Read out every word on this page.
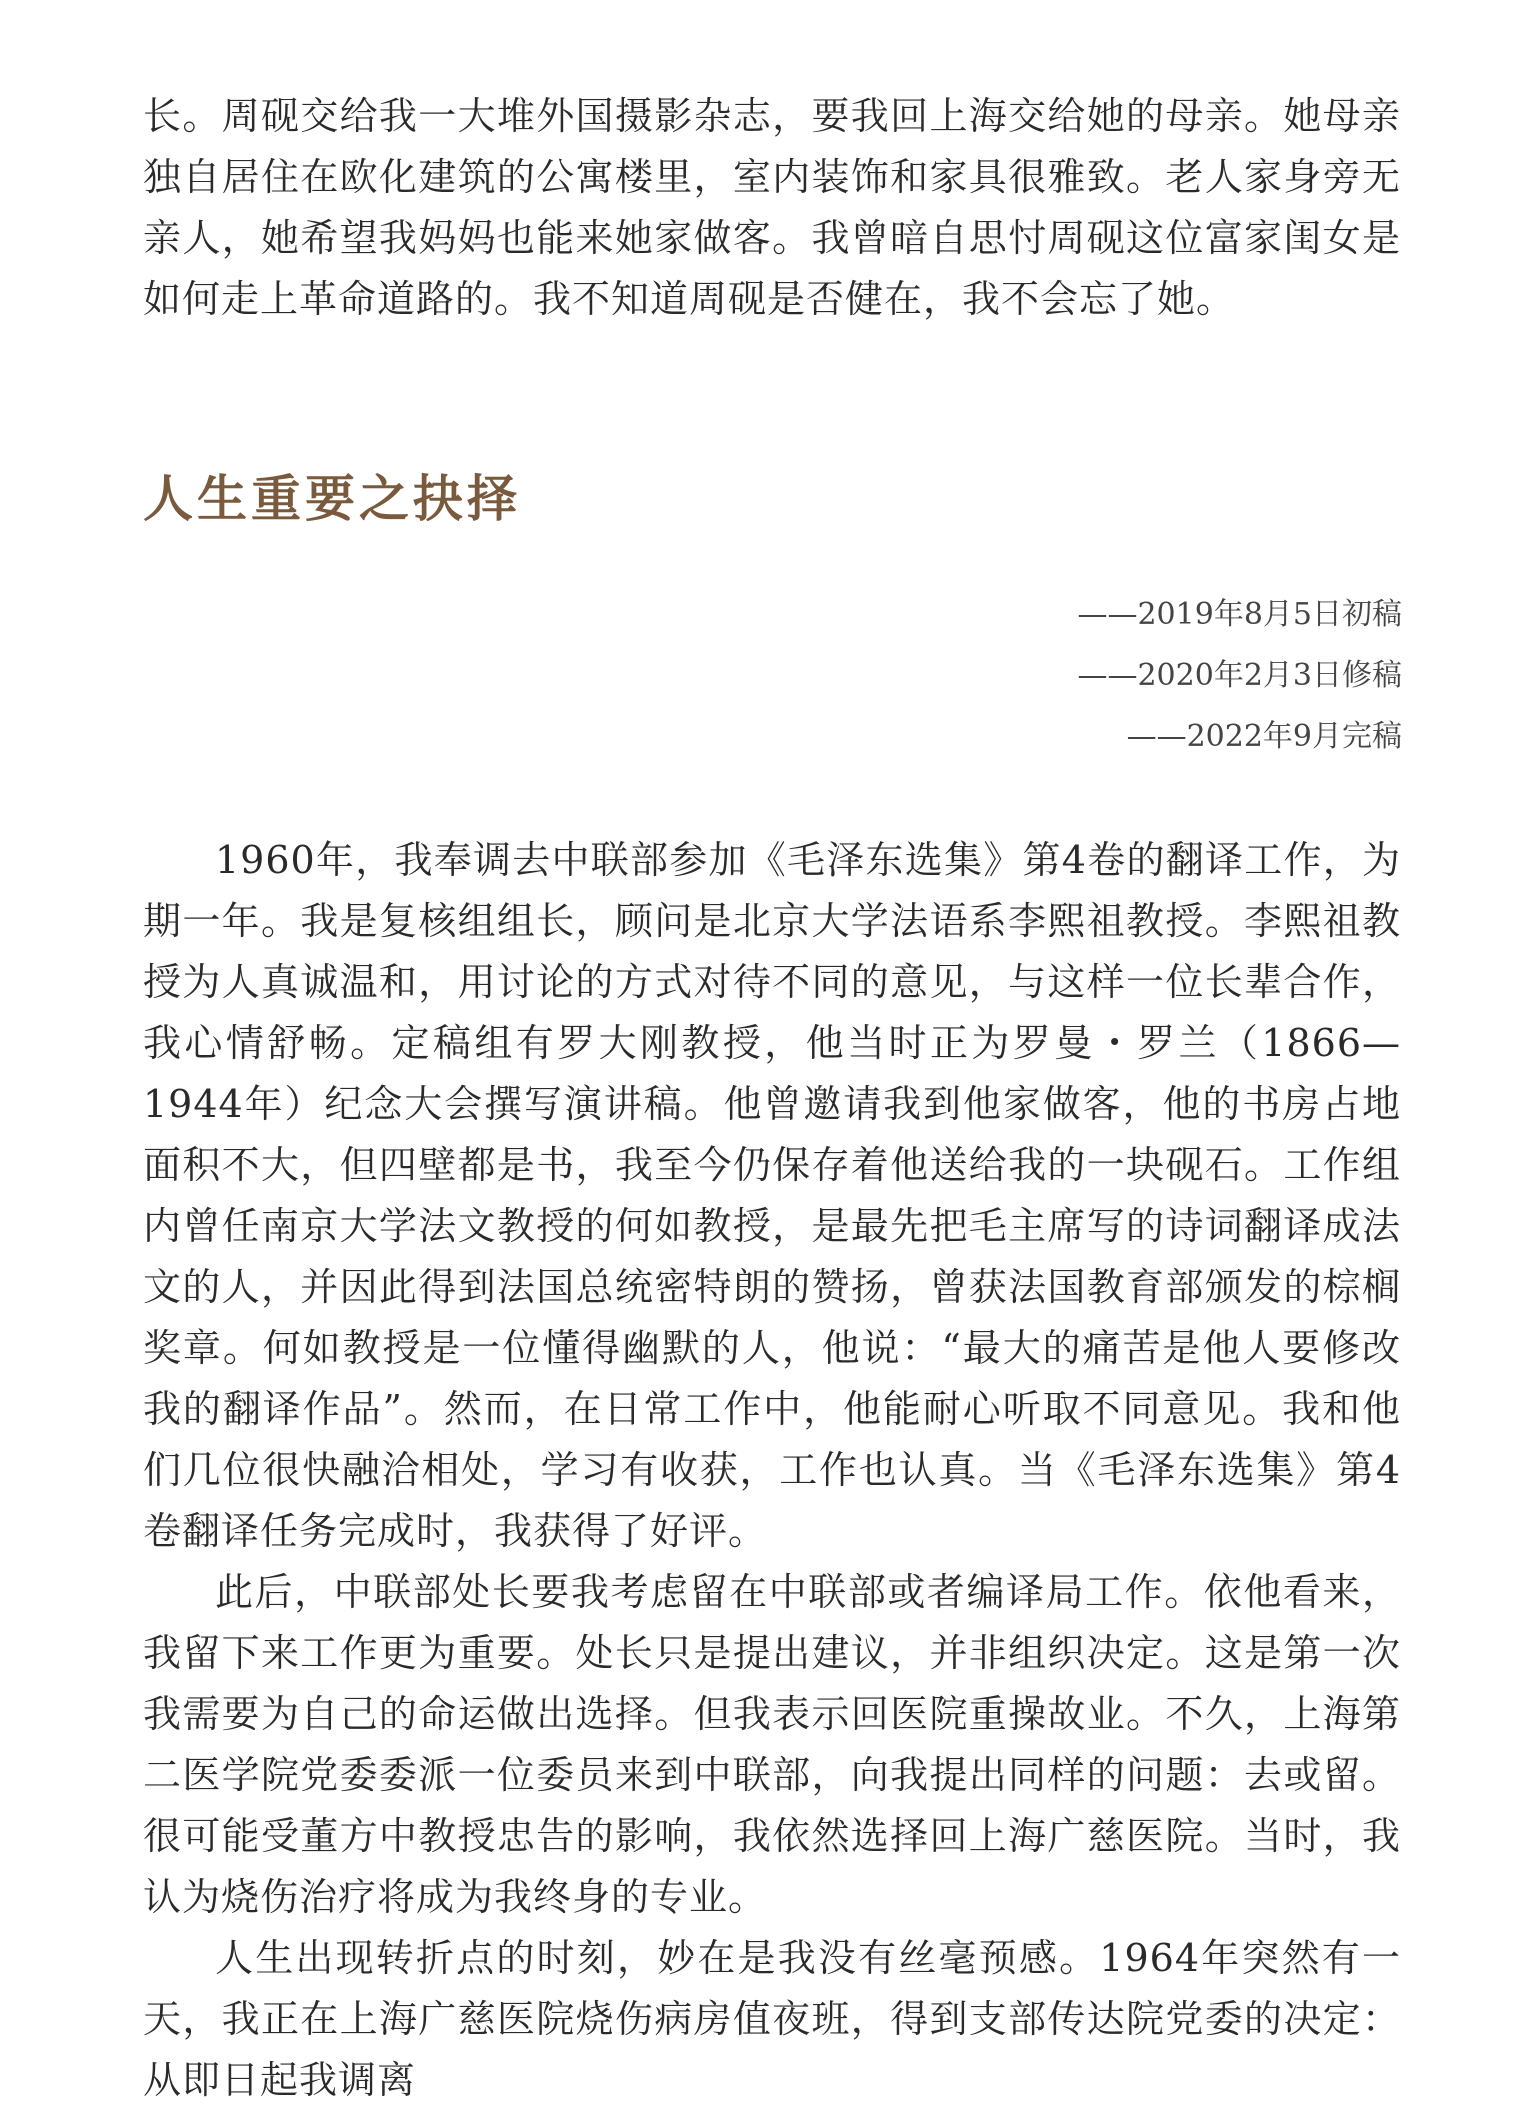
长。周砚交给我一大堆外国摄影杂志，要我回上海交给她的母亲。她母亲独自居住在欧化建筑的公寓楼里，室内装饰和家具很雅致。老人家身旁无亲人，她希望我妈妈也能来她家做客。我曾暗自思忖周砚这位富家闺女是如何走上革命道路的。我不知道周砚是否健在，我不会忘了她。
人生重要之抉择
——2019年8月5日初稿
——2020年2月3日修稿
——2022年9月完稿

1960年，我奉调去中联部参加《毛泽东选集》第4卷的翻译工作，为期一年。我是复核组组长，顾问是北京大学法语系李熙祖教授。李熙祖教授为人真诚温和，用讨论的方式对待不同的意见，与这样一位长辈合作，我心情舒畅。定稿组有罗大刚教授，他当时正为罗曼・罗兰（1866—1944年）纪念大会撰写演讲稿。他曾邀请我到他家做客，他的书房占地面积不大，但四壁都是书，我至今仍保存着他送给我的一块砚石。工作组内曾任南京大学法文教授的何如教授，是最先把毛主席写的诗词翻译成法文的人，并因此得到法国总统密特朗的赞扬，曾获法国教育部颁发的棕榈奖章。何如教授是一位懂得幽默的人，他说：“最大的痛苦是他人要修改我的翻译作品”。然而，在日常工作中，他能耐心听取不同意见。我和他们几位很快融洽相处，学习有收获，工作也认真。当《毛泽东选集》第4卷翻译任务完成时，我获得了好评。

此后，中联部处长要我考虑留在中联部或者编译局工作。依他看来，我留下来工作更为重要。处长只是提出建议，并非组织决定。这是第一次我需要为自己的命运做出选择。但我表示回医院重操故业。不久，上海第二医学院党委委派一位委员来到中联部，向我提出同样的问题：去或留。很可能受董方中教授忠告的影响，我依然选择回上海广慈医院。当时，我认为烧伤治疗将成为我终身的专业。

人生出现转折点的时刻，妙在是我没有丝毫预感。1964年突然有一天，我正在上海广慈医院烧伤病房值夜班，得到支部传达院党委的决定：从即日起我调离
